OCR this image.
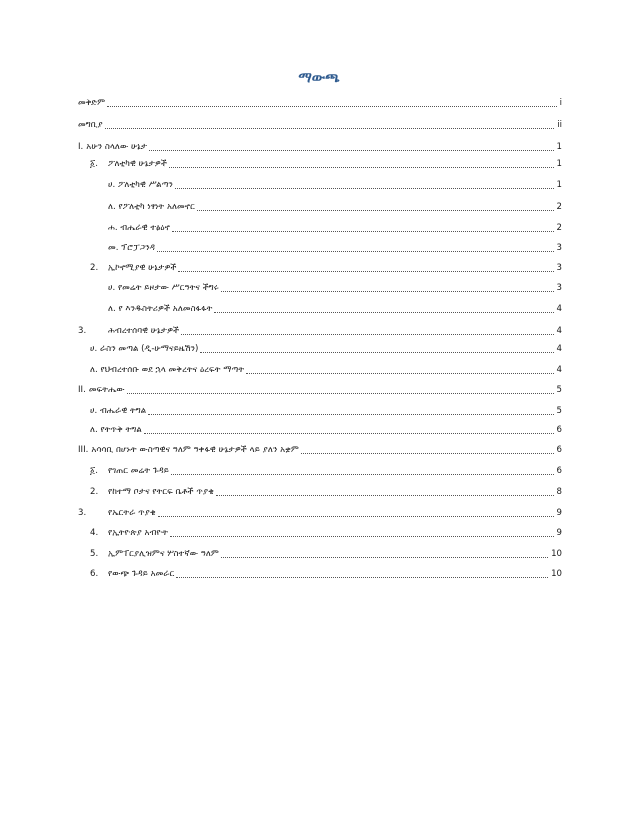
ማውጫ
መቅድም	i
መግቢያ	ii
I. አሁን ስላለው ሁኔታ	1
፩.	ፖለቲካዊ ሁኔታዎች	1
ሀ. ፖለቲካዊ ሥልጣን	1
ለ. የፖለቲካ ነፃነት አለመኖር	2
ሐ. ብሔራዊ ተፅዕኖ	2
መ. ፕሮፓጋንዳ	3
2.	ኢኮኖሚያዊ ሁኔታዎች	3
ሀ. የመሬት ይዞታው ሥርዓትና ችግሩ	3
ለ. የ እንዱስትሪዎች አለመስፋፋት	4
3.	ሕብረተሰባዊ ሁኔታዎች	4
ሀ. ራስን መጣል (ዲ-ሁማናይዜሽን)	4
ለ. የህብረተሰቡ ወደ ኋላ መቅረትና ዕረፍት ማጣት	4
II. መፍትሔው	5
ሀ. ብሔራዊ ትግል	5
ለ. የትጥቅ ትግል	6
III. አሳሳቢ በሆኑት ውስጣዊና ዓለም ዓቀፋዊ ሁኔታዎች ላይ ያለን አቋም	6
፩.	የገጠር መሬት ጉዳይ	6
2.	የከተማ ቦታና የትርፍ ቤቶች ጥያቄ	8
3.	የኤርትራ ጥያቄ	9
4.	የኢትዮጵያ አብዮት	9
5.	ኢምፐርያሊዝምና ሦስተኛው ዓለም	10
6.	የውጭ ጉዳይ አመራር	10
